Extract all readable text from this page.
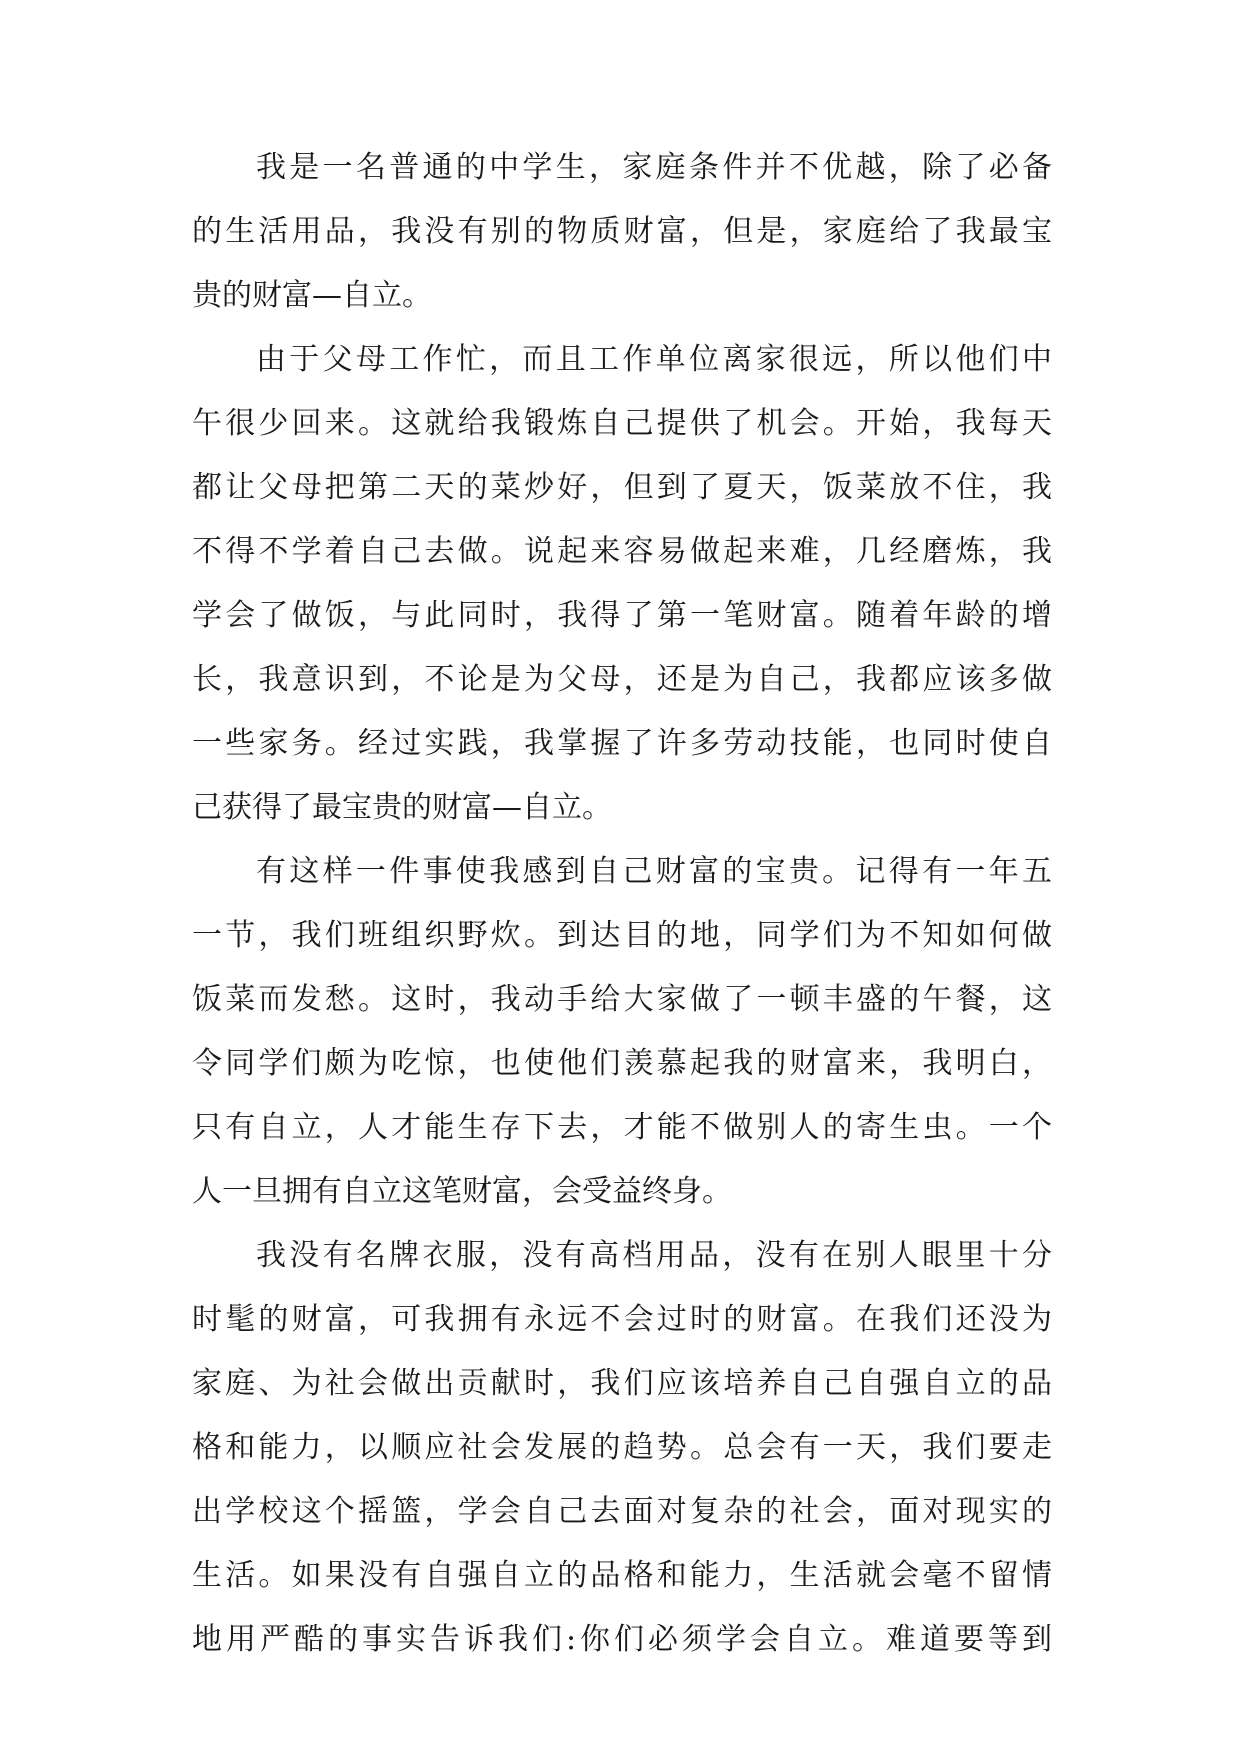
我是一名普通的中学生，家庭条件并不优越，除了必备
的生活用品，我没有别的物质财富，但是，家庭给了我最宝
贵的财富—自立。
由于父母工作忙，而且工作单位离家很远，所以他们中
午很少回来。这就给我锻炼自己提供了机会。开始，我每天
都让父母把第二天的菜炒好，但到了夏天，饭菜放不住，我
不得不学着自己去做。说起来容易做起来难，几经磨炼，我
学会了做饭，与此同时，我得了第一笔财富。随着年龄的增
长，我意识到，不论是为父母，还是为自己，我都应该多做
一些家务。经过实践，我掌握了许多劳动技能，也同时使自
己获得了最宝贵的财富—自立。
有这样一件事使我感到自己财富的宝贵。记得有一年五
一节，我们班组织野炊。到达目的地，同学们为不知如何做
饭菜而发愁。这时，我动手给大家做了一顿丰盛的午餐，这
令同学们颇为吃惊，也使他们羡慕起我的财富来，我明白，
只有自立，人才能生存下去，才能不做别人的寄生虫。一个
人一旦拥有自立这笔财富，会受益终身。
我没有名牌衣服，没有高档用品，没有在别人眼里十分
时髦的财富，可我拥有永远不会过时的财富。在我们还没为
家庭、为社会做出贡献时，我们应该培养自己自强自立的品
格和能力，以顺应社会发展的趋势。总会有一天，我们要走
出学校这个摇篮，学会自己去面对复杂的社会，面对现实的
生活。如果没有自强自立的品格和能力，生活就会毫不留情
地用严酷的事实告诉我们:你们必须学会自立。难道要等到
